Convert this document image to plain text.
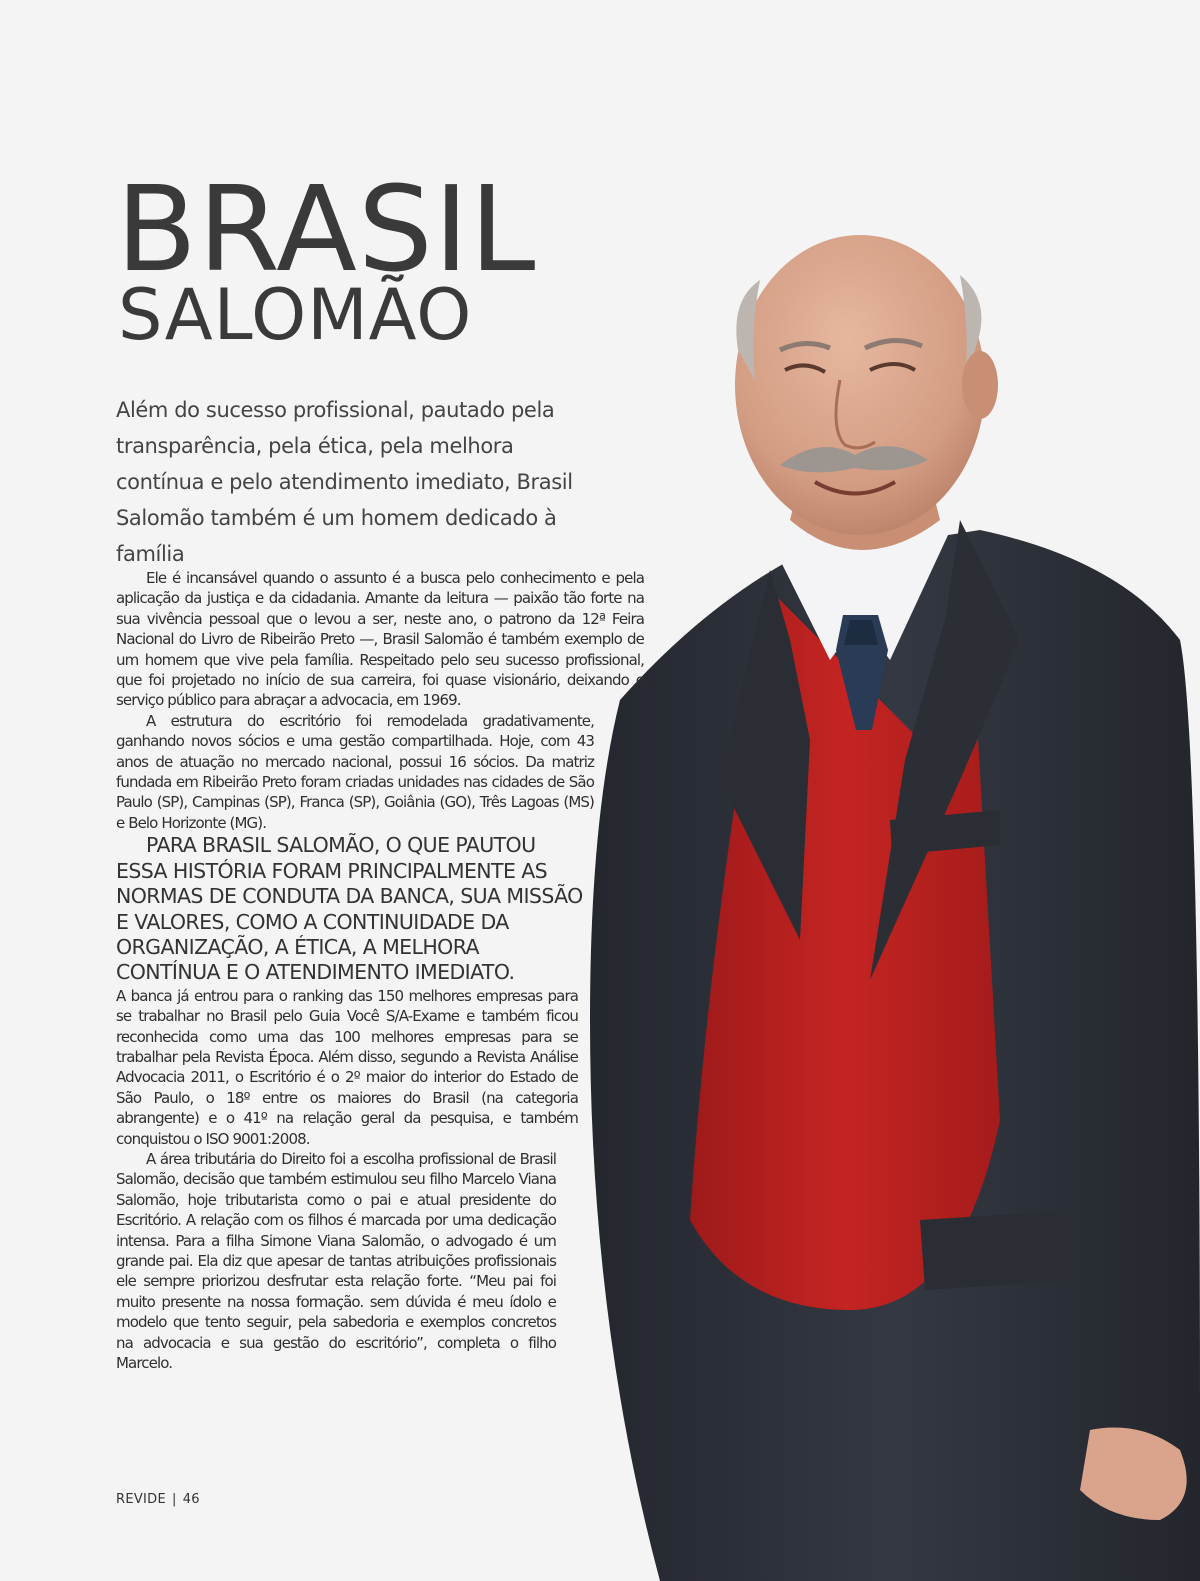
BRASIL
SALOMÃO

Além do sucesso profissional, pautado pela transparência, pela ética, pela melhora contínua e pelo atendimento imediato, Brasil Salomão também é um homem dedicado à família

Ele é incansável quando o assunto é a busca pelo conhecimento e pela aplicação da justiça e da cidadania. Amante da leitura — paixão tão forte na sua vivência pessoal que o levou a ser, neste ano, o patrono da 12ª Feira Nacional do Livro de Ribeirão Preto —, Brasil Salomão é também exemplo de um homem que vive pela família. Respeitado pelo seu sucesso profissional, que foi projetado no início de sua carreira, foi quase visionário, deixando o serviço público para abraçar a advocacia, em 1969.

A estrutura do escritório foi remodelada gradativamente, ganhando novos sócios e uma gestão compartilhada. Hoje, com 43 anos de atuação no mercado nacional, possui 16 sócios. Da matriz fundada em Ribeirão Preto foram criadas unidades nas cidades de São Paulo (SP), Campinas (SP), Franca (SP), Goiânia (GO), Três Lagoas (MS) e Belo Horizonte (MG).

PARA BRASIL SALOMÃO, O QUE PAUTOU ESSA HISTÓRIA FORAM PRINCIPALMENTE AS NORMAS DE CONDUTA DA BANCA, SUA MISSÃO E VALORES, COMO A CONTINUIDADE DA ORGANIZAÇÃO, A ÉTICA, A MELHORA CONTÍNUA E O ATENDIMENTO IMEDIATO.

A banca já entrou para o ranking das 150 melhores empresas para se trabalhar no Brasil pelo Guia Você S/A-Exame e também ficou reconhecida como uma das 100 melhores empresas para se trabalhar pela Revista Época. Além disso, segundo a Revista Análise Advocacia 2011, o Escritório é o 2º maior do interior do Estado de São Paulo, o 18º entre os maiores do Brasil (na categoria abrangente) e o 41º na relação geral da pesquisa, e também conquistou o ISO 9001:2008.

A área tributária do Direito foi a escolha profissional de Brasil Salomão, decisão que também estimulou seu filho Marcelo Viana Salomão, hoje tributarista como o pai e atual presidente do Escritório. A relação com os filhos é marcada por uma dedicação intensa. Para a filha Simone Viana Salomão, o advogado é um grande pai. Ela diz que apesar de tantas atribuições profissionais ele sempre priorizou desfrutar esta relação forte. “Meu pai foi muito presente na nossa formação. sem dúvida é meu ídolo e modelo que tento seguir, pela sabedoria e exemplos concretos na advocacia e sua gestão do escritório”, completa o filho Marcelo.

REVIDE | 46
